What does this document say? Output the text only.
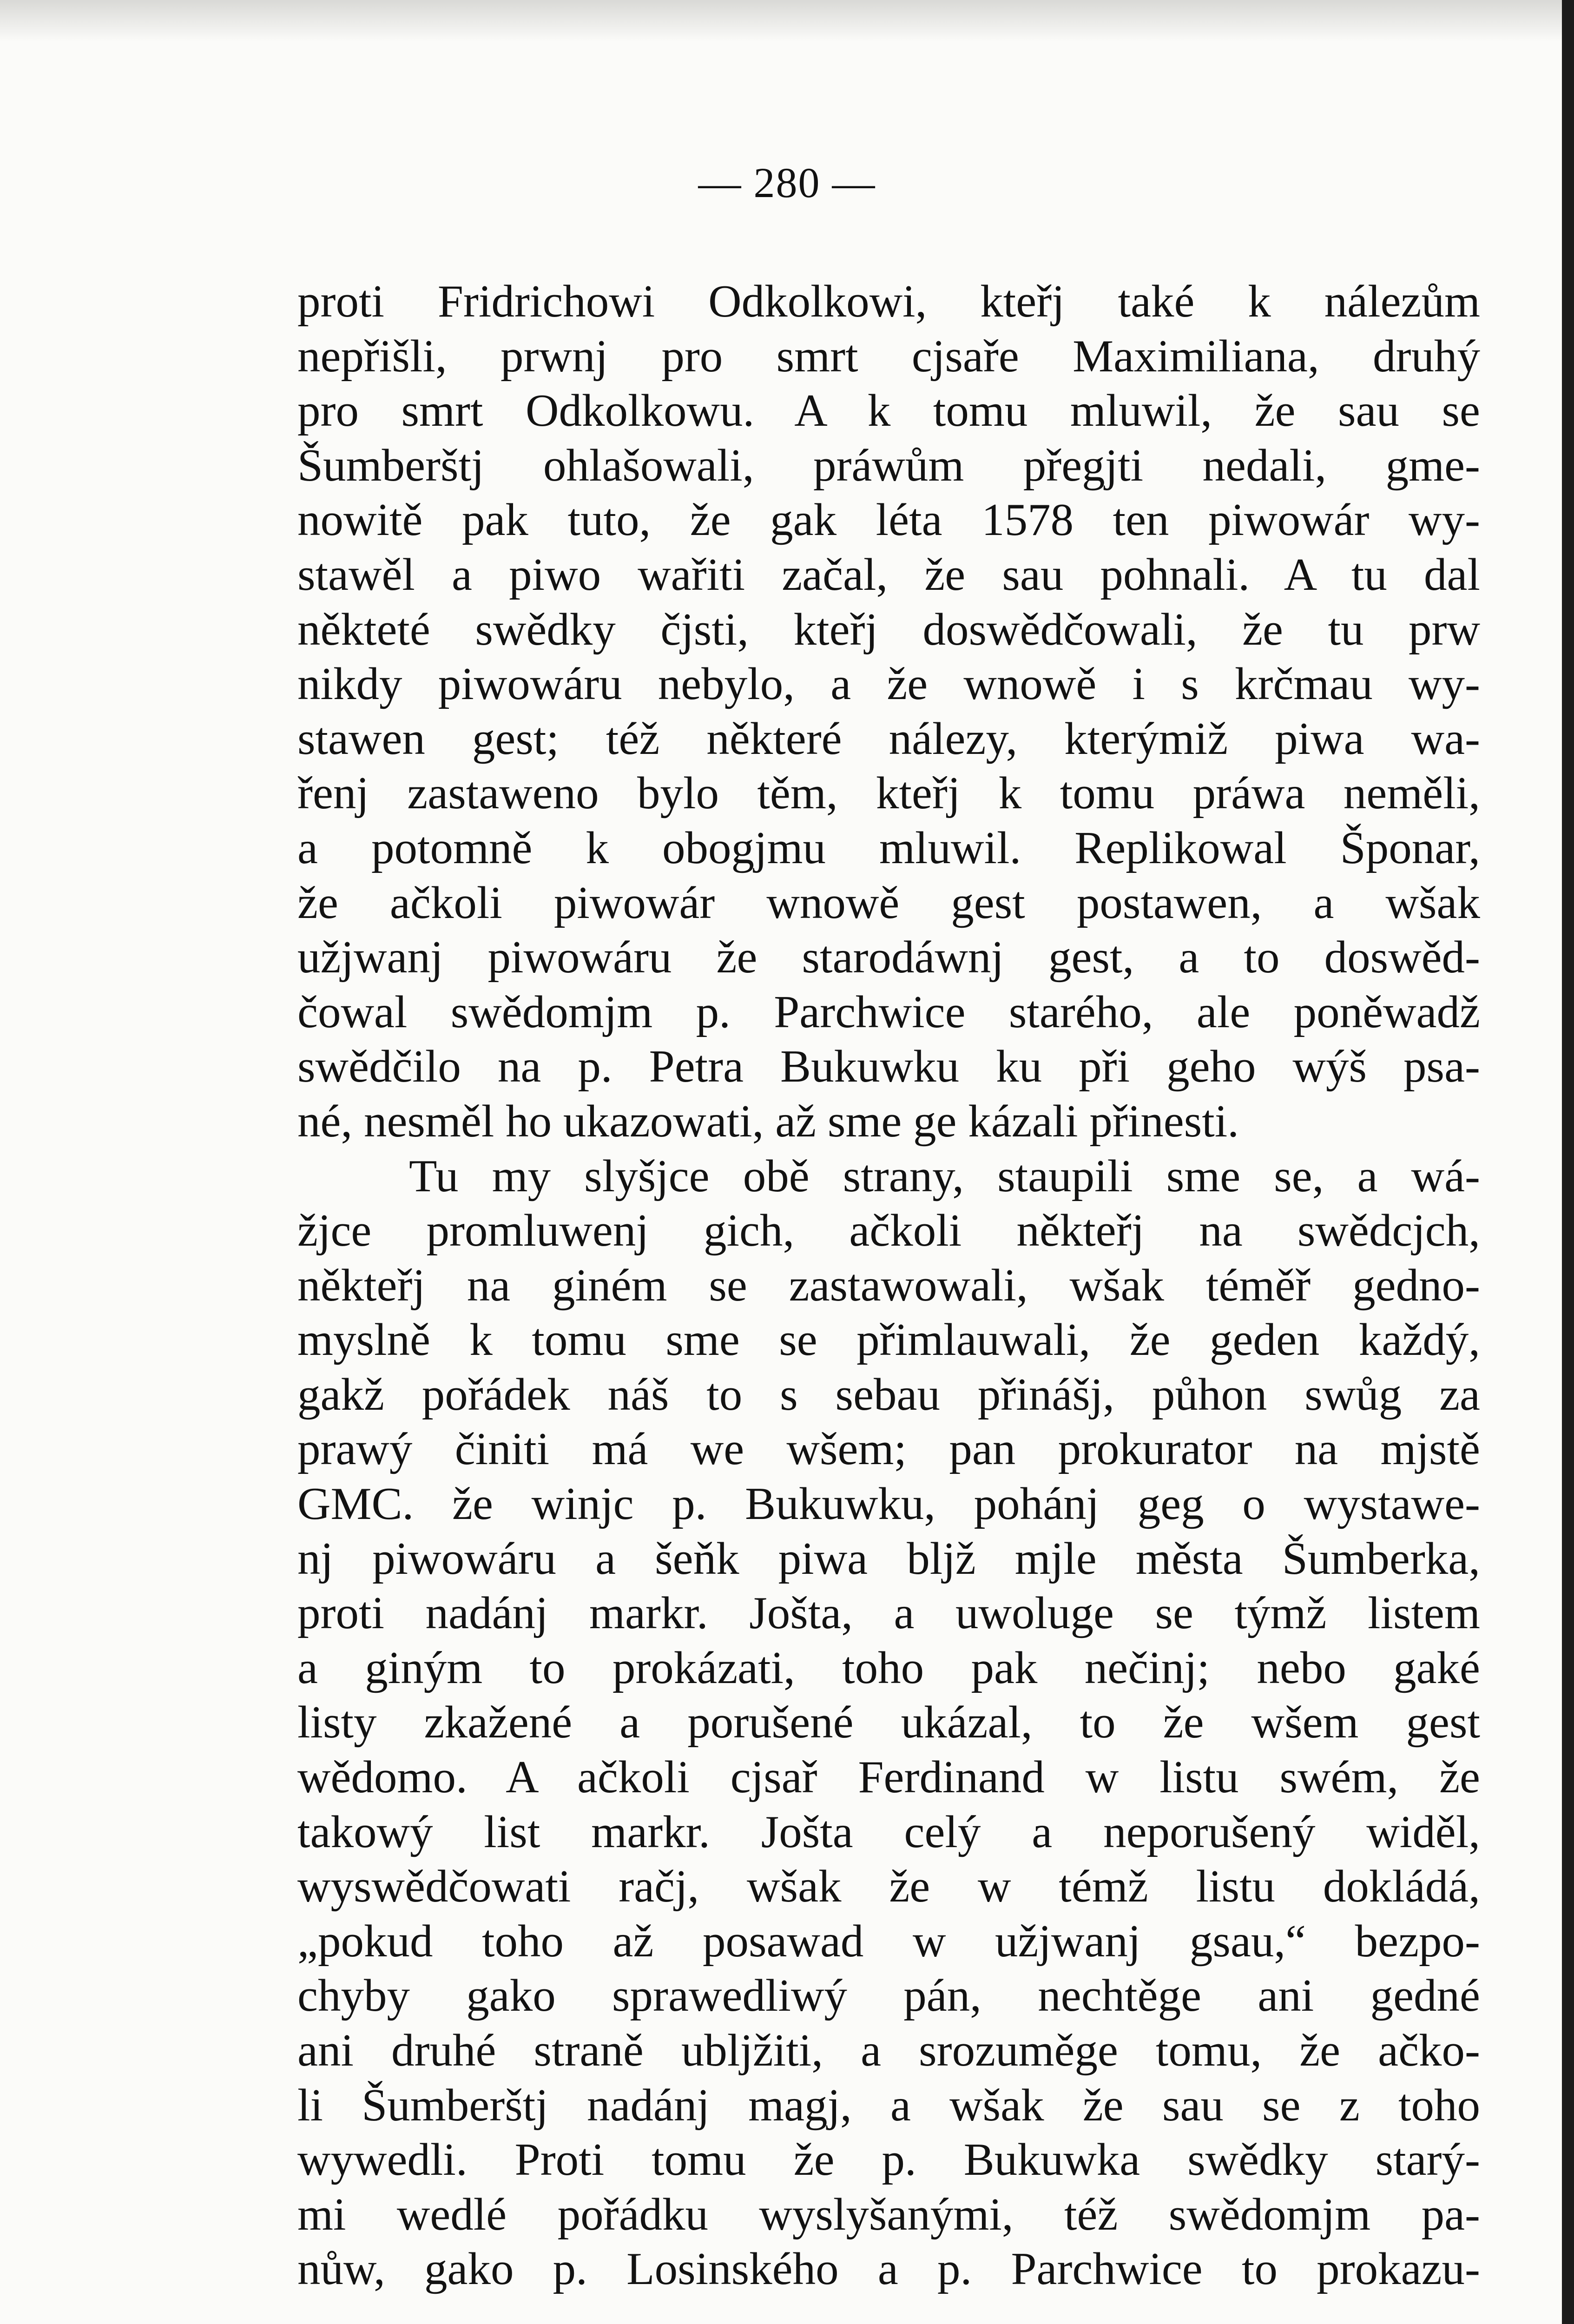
— 280 —
proti Fridrichowi Odkolkowi, kteřj také k nálezům
nepřišli, prwnj pro smrt cjsaře Maximiliana, druhý
pro smrt Odkolkowu. A k tomu mluwil, že sau se
Šumberštj ohlašowali, práwům přegjti nedali, gme-
nowitě pak tuto, že gak léta 1578 ten piwowár wy-
stawěl a piwo wařiti začal, že sau pohnali. A tu dal
někteté swědky čjsti, kteřj doswědčowali, že tu prw
nikdy piwowáru nebylo, a že wnowě i s krčmau wy-
stawen gest; též některé nálezy, kterýmiž piwa wa-
řenj zastaweno bylo těm, kteřj k tomu práwa neměli,
a potomně k obogjmu mluwil. Replikowal Šponar,
že ačkoli piwowár wnowě gest postawen, a wšak
užjwanj piwowáru že starodáwnj gest, a to doswěd-
čowal swědomjm p. Parchwice starého, ale poněwadž
swědčilo na p. Petra Bukuwku ku při geho wýš psa-
né, nesměl ho ukazowati, až sme ge kázali přinesti.
Tu my slyšjce obě strany, staupili sme se, a wá-
žjce promluwenj gich, ačkoli někteřj na swědcjch,
někteřj na giném se zastawowali, wšak téměř gedno-
myslně k tomu sme se přimlauwali, že geden každý,
gakž pořádek náš to s sebau přinášj, půhon swůg za
prawý činiti má we wšem; pan prokurator na mjstě
GMC. že winjc p. Bukuwku, pohánj geg o wystawe-
nj piwowáru a šeňk piwa bljž mjle města Šumberka,
proti nadánj markr. Jošta, a uwoluge se týmž listem
a giným to prokázati, toho pak nečinj; nebo gaké
listy zkažené a porušené ukázal, to že wšem gest
wědomo. A ačkoli cjsař Ferdinand w listu swém, že
takowý list markr. Jošta celý a neporušený widěl,
wyswědčowati račj, wšak že w témž listu dokládá,
„pokud toho až posawad w užjwanj gsau,“ bezpo-
chyby gako sprawedliwý pán, nechtěge ani gedné
ani druhé straně ubljžiti, a srozuměge tomu, že ačko-
li Šumberštj nadánj magj, a wšak že sau se z toho
wywedli. Proti tomu že p. Bukuwka swědky starý-
mi wedlé pořádku wyslyšanými, též swědomjm pa-
nůw, gako p. Losinského a p. Parchwice to prokazu-
